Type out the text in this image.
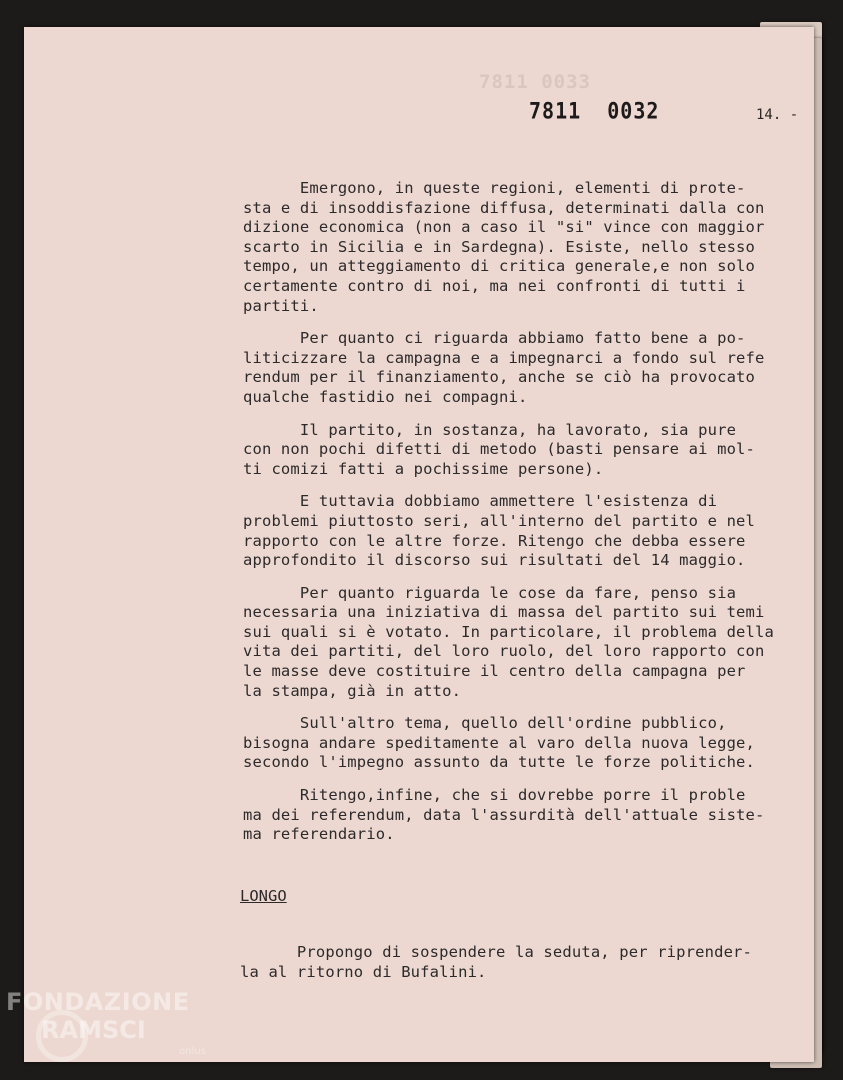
7811 0033
7811  0032	14. -
Emergono, in queste regioni, elementi di prote-
sta e di insoddisfazione diffusa, determinati dalla con
dizione economica (non a caso il "si" vince con maggior
scarto in Sicilia e in Sardegna). Esiste, nello stesso
tempo, un atteggiamento di critica generale,e non solo
certamente contro di noi, ma nei confronti di tutti i
partiti.
Per quanto ci riguarda abbiamo fatto bene a po-
liticizzare la campagna e a impegnarci a fondo sul refe
rendum per il finanziamento, anche se ciò ha provocato
qualche fastidio nei compagni.
Il partito, in sostanza, ha lavorato, sia pure
con non pochi difetti di metodo (basti pensare ai mol-
ti comizi fatti a pochissime persone).
E tuttavia dobbiamo ammettere l'esistenza di
problemi piuttosto seri, all'interno del partito e nel
rapporto con le altre forze. Ritengo che debba essere
approfondito il discorso sui risultati del 14 maggio.
Per quanto riguarda le cose da fare, penso sia
necessaria una iniziativa di massa del partito sui temi
sui quali si è votato. In particolare, il problema della
vita dei partiti, del loro ruolo, del loro rapporto con
le masse deve costituire il centro della campagna per
la stampa, già in atto.
Sull'altro tema, quello dell'ordine pubblico,
bisogna andare speditamente al varo della nuova legge,
secondo l'impegno assunto da tutte le forze politiche.
Ritengo,infine, che si dovrebbe porre il proble
ma dei referendum, data l'assurdità dell'attuale siste-
ma referendario.
LONGO
Propongo di sospendere la seduta, per riprender-
la al ritorno di Bufalini.
FONDAZIONE
RAMSCI
onlus
